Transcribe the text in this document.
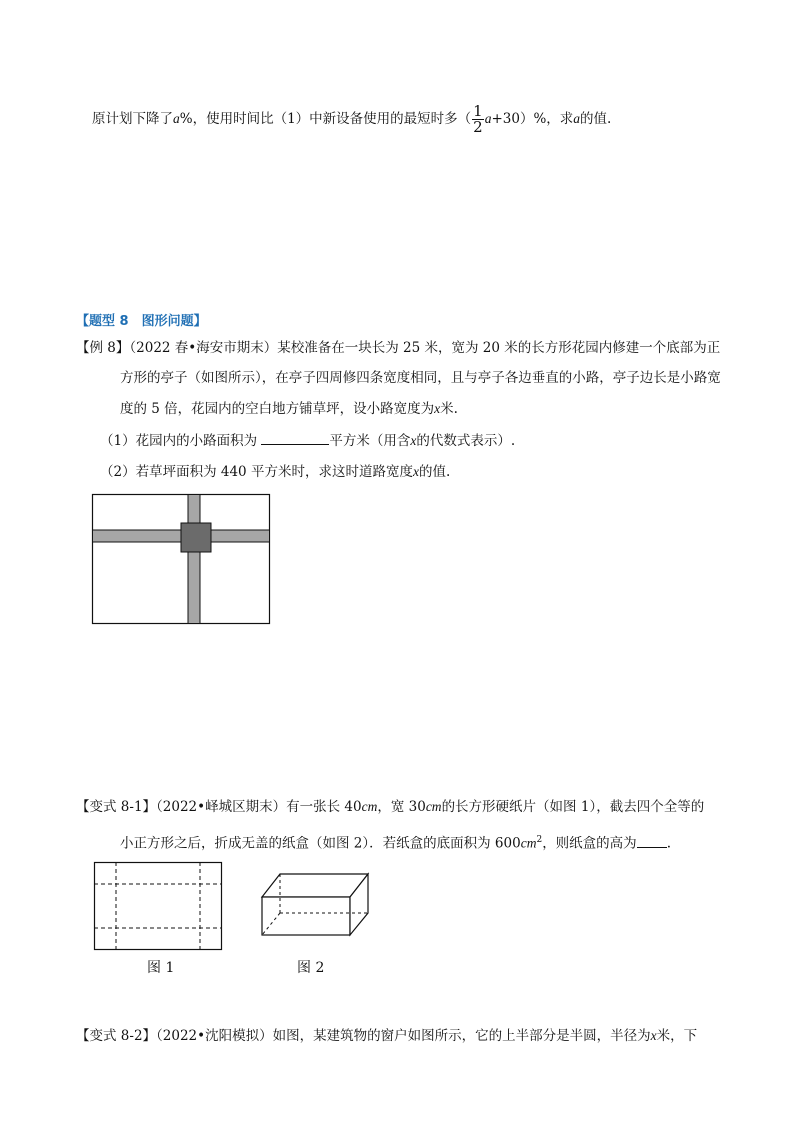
原计划下降了a%，使用时间比（1）中新设备使用的最短时多（ $\frac{1}{2} a+30)\%$，求a的值.
【题型 8　图形问题】
【例 8】（2022 春•海安市期末）某校准备在一块长为 25 米，宽为 20 米的长方形花园内修建一个底部为正
方形的亭子（如图所示），在亭子四周修四条宽度相同，且与亭子各边垂直的小路，亭子边长是小路宽
度的 5 倍，花园内的空白地方铺草坪，设小路宽度为x米.
（1）花园内的小路面积为	平方米（用含x的代数式表示）.
（2）若草坪面积为 440 平方米时，求这时道路宽度x的值.
【变式 8-1】（2022•峄城区期末）有一张长 40cm，宽 30cm的长方形硬纸片（如图 1），截去四个全等的
小正方形之后，折成无盖的纸盒（如图 2）．若纸盒的底面积为 $600cm^2$，则纸盒的高为 .
图 1	图 2
【变式 8-2】（2022•沈阳模拟）如图，某建筑物的窗户如图所示，它的上半部分是半圆，半径为x米，下
